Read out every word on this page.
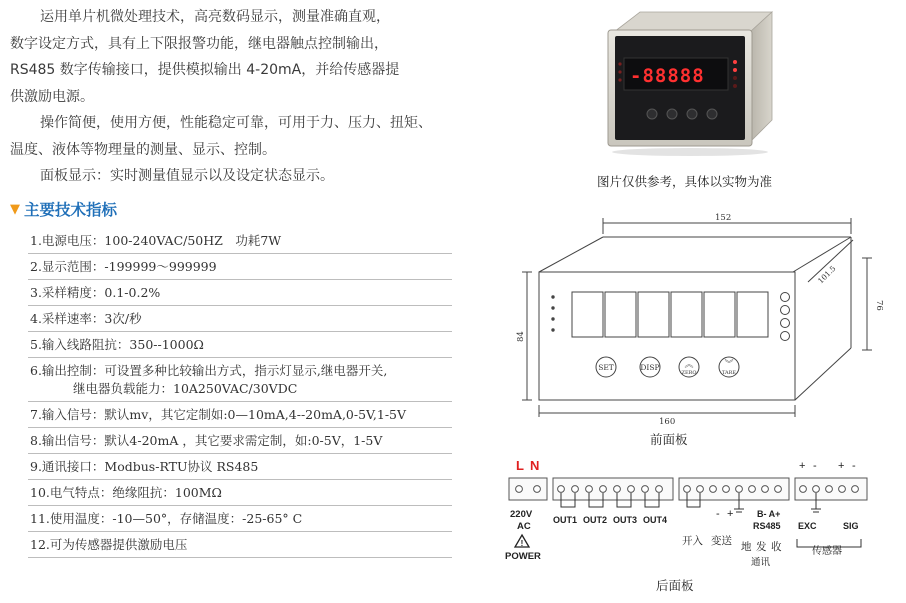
运用单片机微处理技术，高亮数码显示，测量准确直观，

数字设定方式，具有上下限报警功能，继电器触点控制输出，

RS485 数字传输接口，提供模拟输出 4-20mA，并给传感器提

供激励电源。

操作简便，使用方便，性能稳定可靠，可用于力、压力、扭矩、

温度、液体等物理量的测量、显示、控制。

面板显示：实时测量值显示以及设定状态显示。

▼ 主要技术指标
1.电源电压：100-240VAC/50HZ　功耗7W
2.显示范围：-199999～999999
3.采样精度：0.1-0.2%
4.采样速率：3次/秒
5.输入线路阻抗：350--1000Ω
6.输出控制：可设置多种比较输出方式，指示灯显示,继电器开关,
继电器负载能力：10A250VAC/30VDC
7.输入信号：默认mv，其它定制如:0—10mA,4--20mA,0-5V,1-5V
8.输出信号：默认4-20mA ，其它要求需定制，如:0-5V，1-5V
9.通讯接口：Modbus-RTU协议 RS485
10.电气特点：绝缘阻抗：100MΩ
11.使用温度：-10—50°，存储温度：-25-65° C
12.可为传感器提供激励电压
-88888
图片仅供参考，具体以实物为准
SET	DISP	︽
ZERO
︾
TARE
152
160
84
76
101.5
前面板
L N
220V
AC
POWER
!
OUT1 OUT2 OUT3 OUT4
开入 变送 地 发 收
通讯
传感器
- +
+ - + -
B- A+
RS485 EXC	SIG
后面板
